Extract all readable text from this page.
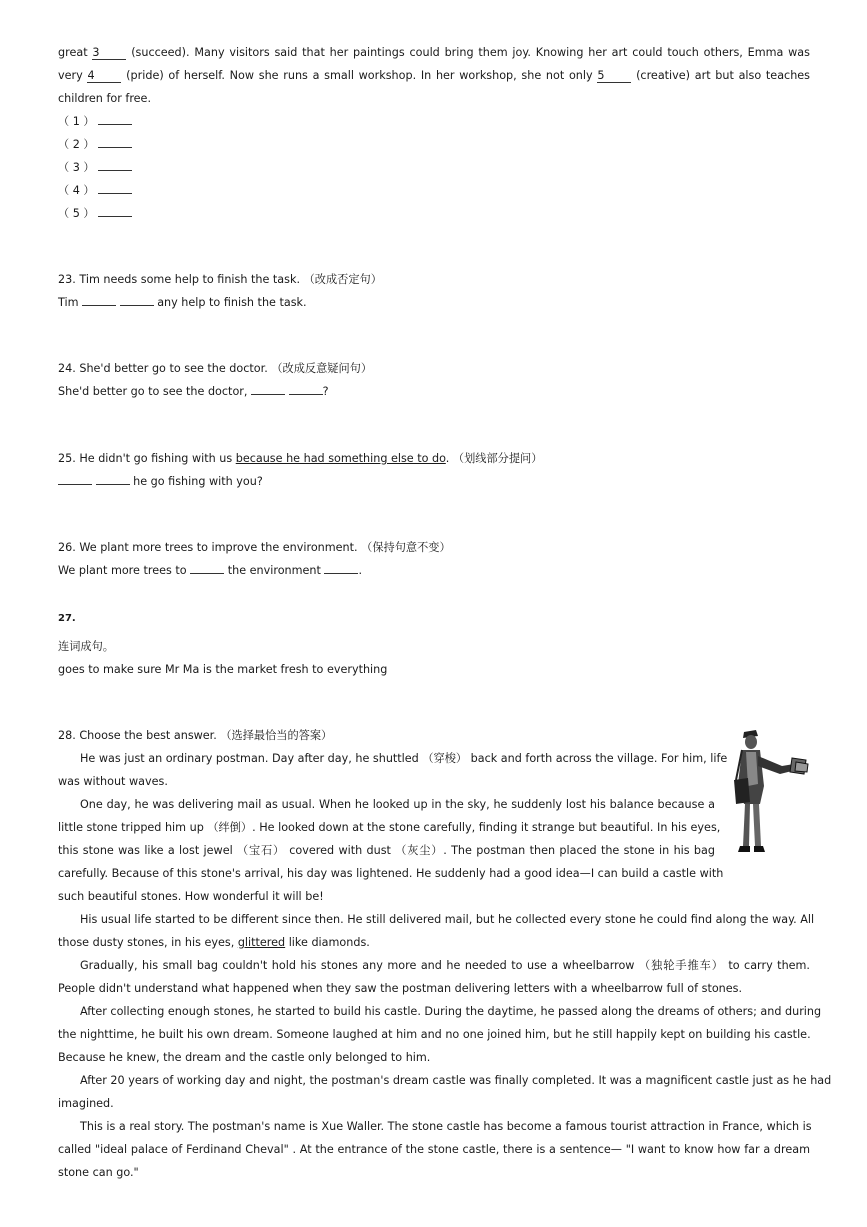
great 3	(succeed). Many visitors said that her paintings could bring them joy. Knowing her art could touch others, Emma was
very 4	(pride) of herself. Now she runs a small workshop. In her workshop, she not only 5	(creative) art but also teaches
children for free.
（ 1 ）
（ 2 ）
（ 3 ）
（ 4 ）
（ 5 ）
23. Tim needs some help to finish the task. （改成否定句）
Tim	any help to finish the task.
24. She'd better go to see the doctor. （改成反意疑问句）
She'd better go to see the doctor,	?
25. He didn't go fishing with us because he had something else to do. （划线部分提问）
he go fishing with you?
26. We plant more trees to improve the environment. （保持句意不变）
We plant more trees to	the environment	.
27.
连词成句。
goes to make sure Mr Ma is the market fresh to everything
28. Choose the best answer. （选择最恰当的答案）
He was just an ordinary postman. Day after day, he shuttled （穿梭） back and forth across the village. For him, life
was without waves.
One day, he was delivering mail as usual. When he looked up in the sky, he suddenly lost his balance because a
little stone tripped him up （绊倒）. He looked down at the stone carefully, finding it strange but beautiful. In his eyes,
this stone was like a lost jewel （宝石） covered with dust （灰尘）. The postman then placed the stone in his bag
carefully. Because of this stone's arrival, his day was lightened. He suddenly had a good idea—I can build a castle with
such beautiful stones. How wonderful it will be!
His usual life started to be different since then. He still delivered mail, but he collected every stone he could find along the way. All
those dusty stones, in his eyes, glittered like diamonds.
Gradually, his small bag couldn't hold his stones any more and he needed to use a wheelbarrow （独轮手推车） to carry them.
People didn't understand what happened when they saw the postman delivering letters with a wheelbarrow full of stones.
After collecting enough stones, he started to build his castle. During the daytime, he passed along the dreams of others; and during
the nighttime, he built his own dream. Someone laughed at him and no one joined him, but he still happily kept on building his castle.
Because he knew, the dream and the castle only belonged to him.
After 20 years of working day and night, the postman's dream castle was finally completed. It was a magnificent castle just as he had
imagined.
This is a real story. The postman's name is Xue Waller. The stone castle has become a famous tourist attraction in France, which is
called "ideal palace of Ferdinand Cheval" . At the entrance of the stone castle, there is a sentence— "I want to know how far a dream
stone can go."
